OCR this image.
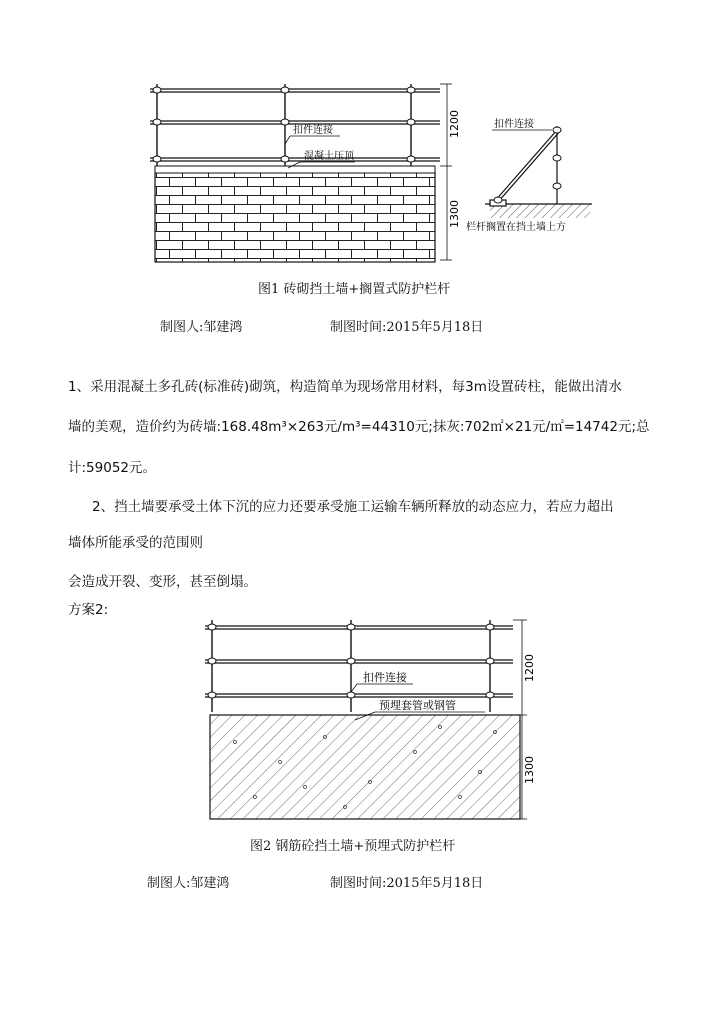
扣件连接
混凝土压顶
1200
1300
扣件连接
栏杆搁置在挡土墙上方
图1 砖砌挡土墙+搁置式防护栏杆
制图人:邹建鸿	制图时间:2015年5月18日
1、采用混凝土多孔砖(标准砖)砌筑，构造简单为现场常用材料，每3m设置砖柱，能做出清水
墙的美观，造价约为砖墙:168.48m³×263元/m³=44310元;抹灰:702㎡×21元/㎡=14742元;总
计:59052元。
2、挡土墙要承受土体下沉的应力还要承受施工运输车辆所释放的动态应力，若应力超出
墙体所能承受的范围则
会造成开裂、变形，甚至倒塌。
方案2:
扣件连接
预埋套管或钢管
1200
1300
图2 钢筋砼挡土墙+预埋式防护栏杆
制图人:邹建鸿	制图时间:2015年5月18日
